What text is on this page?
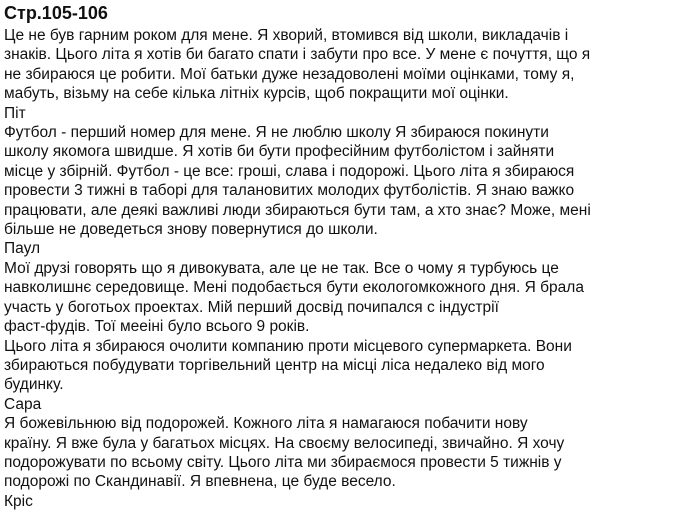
Стр.105-106
Це не був гарним роком для мене. Я хворий, втомився від школи, викладачів і
знаків. Цього літа я хотів би багато спати і забути про все. У мене є почуття, що я
не збираюся це робити. Мої батьки дуже незадоволені моїми оцінками, тому я,
мабуть, візьму на себе кілька літніх курсів, щоб покращити мої оцінки.
Піт
Футбол - перший номер для мене. Я не люблю школу Я збираюся покинути
школу якомога швидше. Я хотів би бути професійним футболістом і зайняти
місце у збірній. Футбол - це все: гроші, слава і подорожі. Цього літа я збираюся
провести 3 тижні в таборі для талановитих молодих футболістів. Я знаю важко
працювати, але деякі важливі люди збираються бути там, а хто знає? Може, мені
більше не доведеться знову повернутися до школи.
Паул
Мої друзі говорять що я дивокувата, але це не так. Все о чому я турбуюсь це
навколишнє середовище. Мені подобається бути екологомкожного дня. Я брала
участь у боготьох проектах. Мій перший досвід почипался с індустрії
фаст-фудів. Тої мееіні було всього 9 років.
Цього літа я збираюся очолити компанию проти місцевого супермаркета. Вони
збираються побудувати торгівельний центр на місці ліса недалеко від мого
будинку.
Сара
Я божевільнюю від подорожей. Кожного літа я намагаюся побачити нову
країну. Я вже була у багатьох місцях. На своєму велосипеді, звичайно. Я хочу
подорожувати по всьому світу. Цього літа ми збираємося провести 5 тижнів у
подорожі по Скандинавії. Я впевнена, це буде весело.
Кріс
